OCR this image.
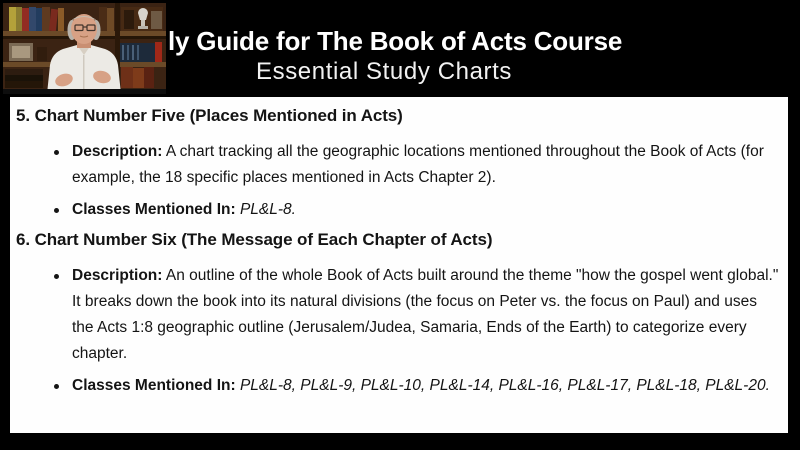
ly Guide for The Book of Acts Course
Essential Study Charts
5. Chart Number Five (Places Mentioned in Acts)
Description: A chart tracking all the geographic locations mentioned throughout the Book of Acts (for example, the 18 specific places mentioned in Acts Chapter 2).
Classes Mentioned In: PL&L-8.
6. Chart Number Six (The Message of Each Chapter of Acts)
Description: An outline of the whole Book of Acts built around the theme "how the gospel went global." It breaks down the book into its natural divisions (the focus on Peter vs. the focus on Paul) and uses the Acts 1:8 geographic outline (Jerusalem/Judea, Samaria, Ends of the Earth) to categorize every chapter.
Classes Mentioned In: PL&L-8, PL&L-9, PL&L-10, PL&L-14, PL&L-16, PL&L-17, PL&L-18, PL&L-20.
